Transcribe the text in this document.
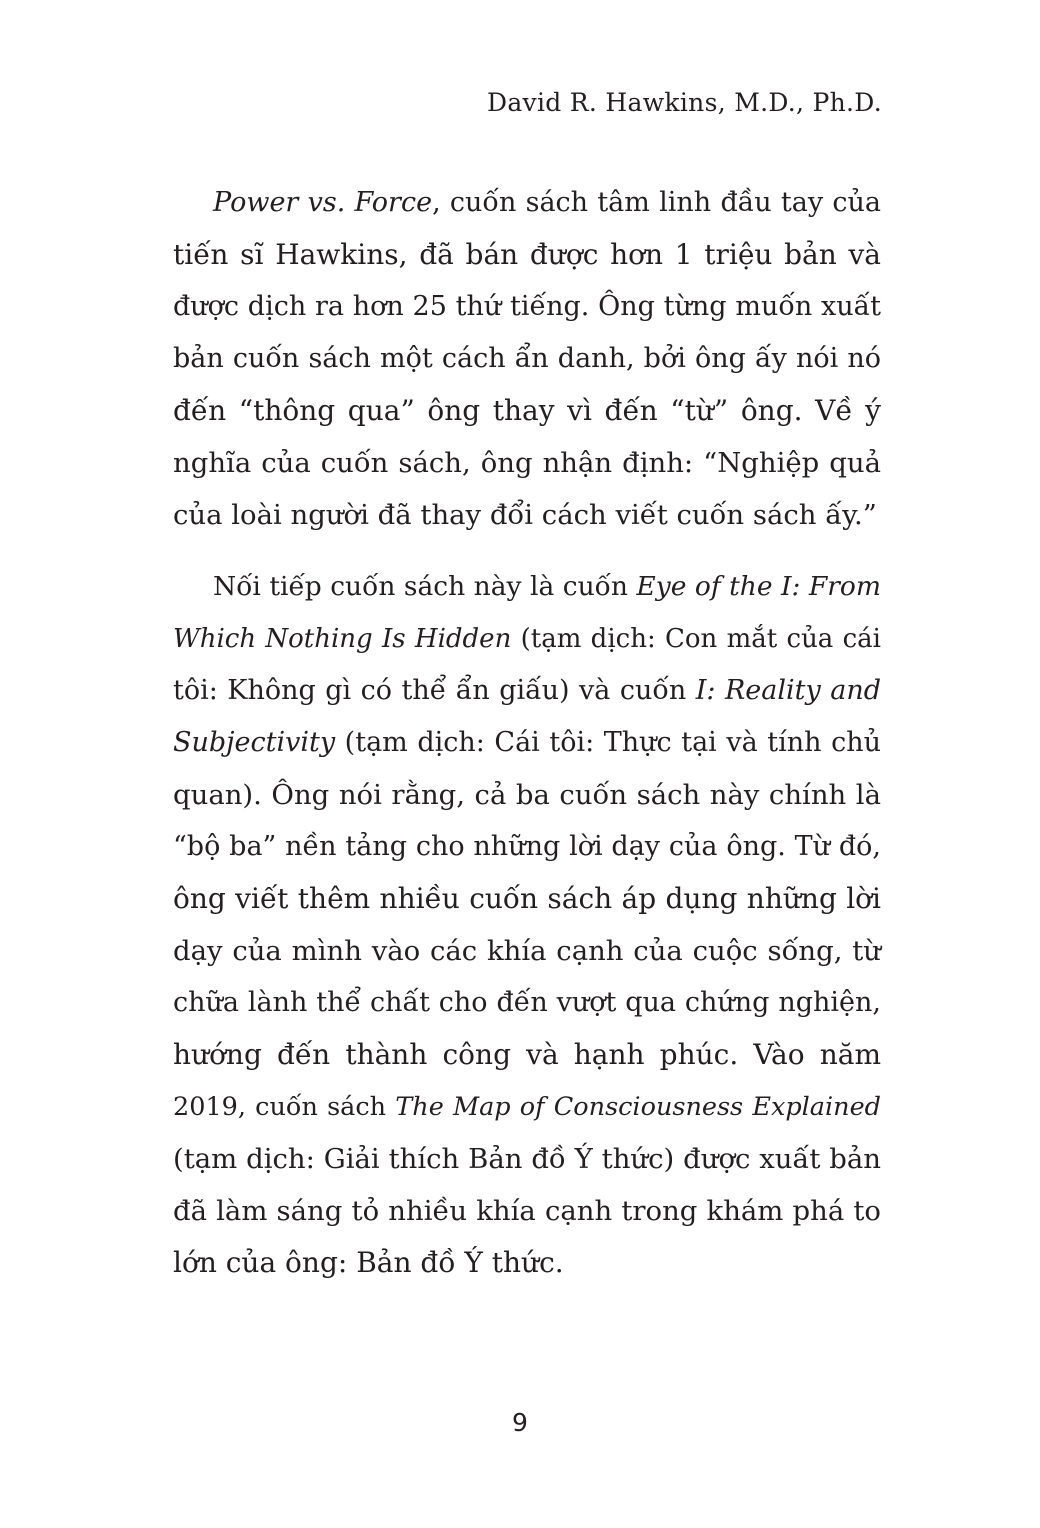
David R. Hawkins, M.D., Ph.D.

Power vs. Force, cuốn sách tâm linh đầu tay của
tiến sĩ Hawkins, đã bán được hơn 1 triệu bản và
được dịch ra hơn 25 thứ tiếng. Ông từng muốn xuất
bản cuốn sách một cách ẩn danh, bởi ông ấy nói nó
đến “thông qua” ông thay vì đến “từ” ông. Về ý
nghĩa của cuốn sách, ông nhận định: “Nghiệp quả
của loài người đã thay đổi cách viết cuốn sách ấy.”

Nối tiếp cuốn sách này là cuốn Eye of the I: From
Which Nothing Is Hidden (tạm dịch: Con mắt của cái
tôi: Không gì có thể ẩn giấu) và cuốn I: Reality and
Subjectivity (tạm dịch: Cái tôi: Thực tại và tính chủ
quan). Ông nói rằng, cả ba cuốn sách này chính là
“bộ ba” nền tảng cho những lời dạy của ông. Từ đó,
ông viết thêm nhiều cuốn sách áp dụng những lời
dạy của mình vào các khía cạnh của cuộc sống, từ
chữa lành thể chất cho đến vượt qua chứng nghiện,
hướng đến thành công và hạnh phúc. Vào năm
2019, cuốn sách The Map of Consciousness Explained
(tạm dịch: Giải thích Bản đồ Ý thức) được xuất bản
đã làm sáng tỏ nhiều khía cạnh trong khám phá to
lớn của ông: Bản đồ Ý thức.

9
